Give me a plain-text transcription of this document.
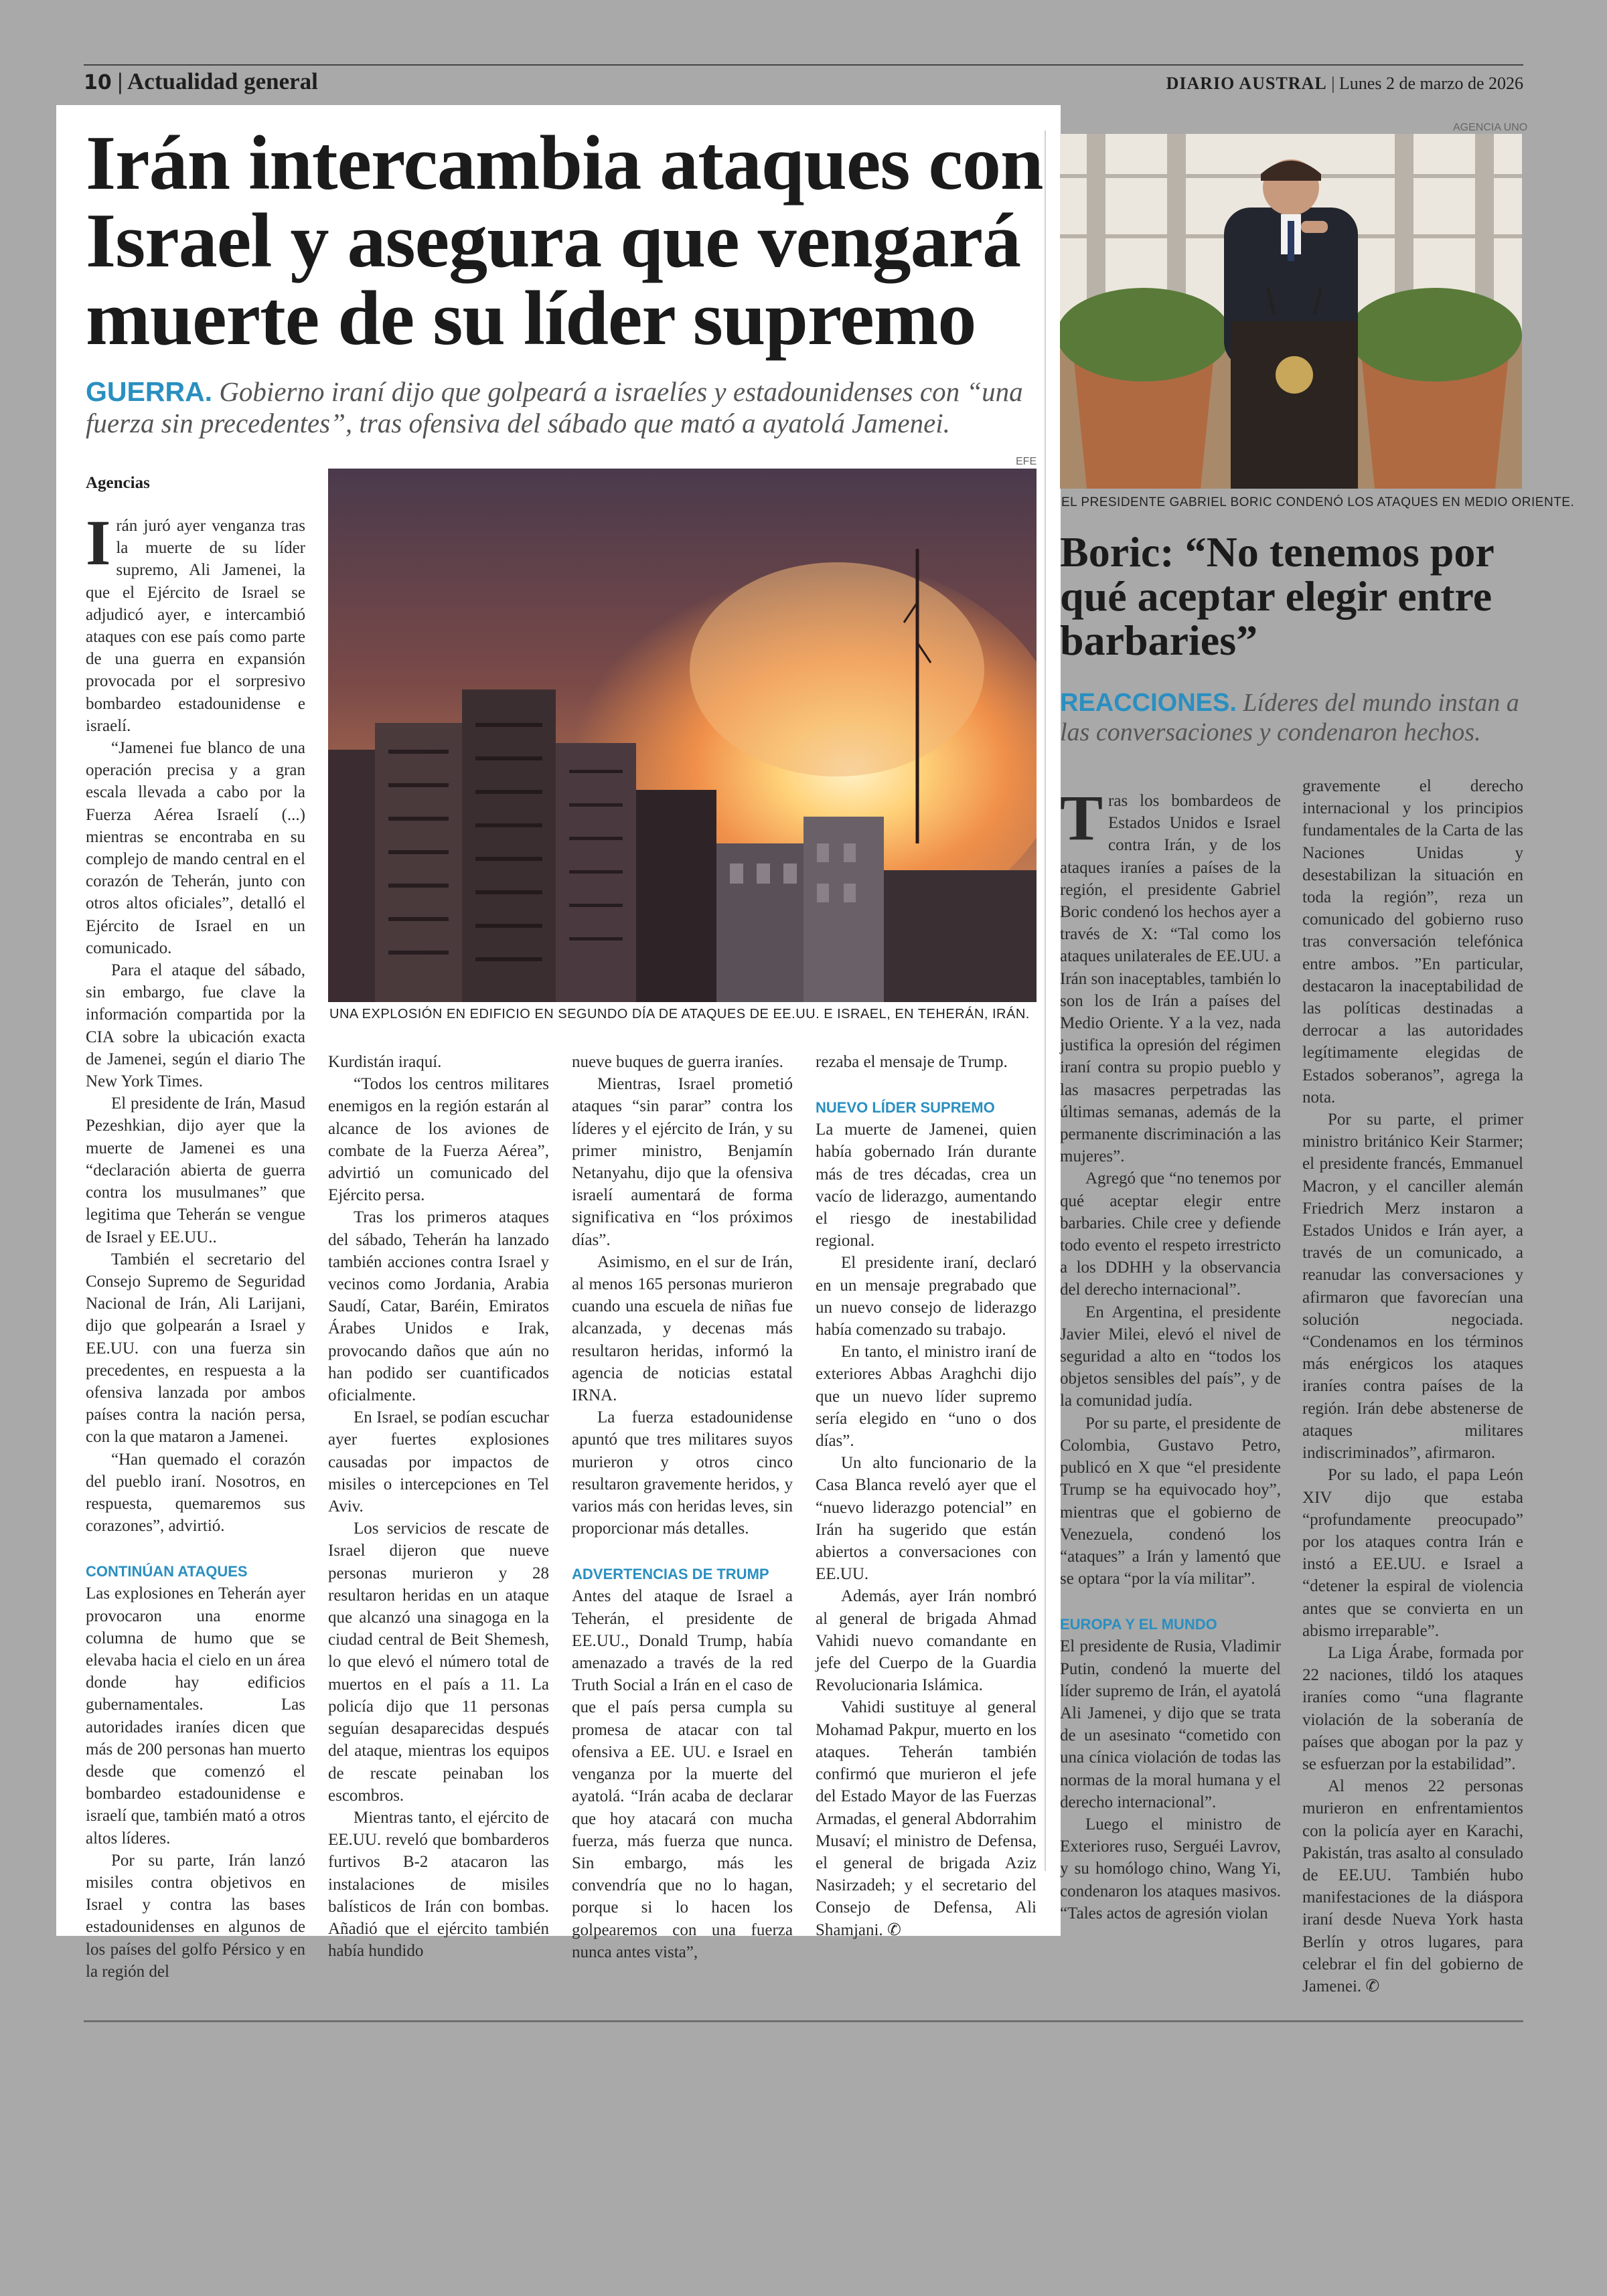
10 | Actualidad general	DIARIO AUSTRAL | Lunes 2 de marzo de 2026
Irán intercambia ataques con Israel y asegura que vengará muerte de su líder supremo
GUERRA. Gobierno iraní dijo que golpeará a israelíes y estadounidenses con “una fuerza sin precedentes”, tras ofensiva del sábado que mató a ayatolá Jamenei.
Agencias
EFE
UNA EXPLOSIÓN EN EDIFICIO EN SEGUNDO DÍA DE ATAQUES DE EE.UU. E ISRAEL, EN TEHERÁN, IRÁN.

Irán juró ayer venganza tras la muerte de su líder supremo, Ali Jamenei, la que el Ejército de Israel se adjudicó ayer, e intercambió ataques con ese país como parte de una guerra en expansión provocada por el sorpresivo bombardeo estadounidense e israelí.

“Jamenei fue blanco de una operación precisa y a gran escala llevada a cabo por la Fuerza Aérea Israelí (...) mientras se encontraba en su complejo de mando central en el corazón de Teherán, junto con otros altos oficiales”, detalló el Ejército de Israel en un comunicado.

Para el ataque del sábado, sin embargo, fue clave la información compartida por la CIA sobre la ubicación exacta de Jamenei, según el diario The New York Times.

El presidente de Irán, Masud Pezeshkian, dijo ayer que la muerte de Jamenei es una “declaración abierta de guerra contra los musulmanes” que legitima que Teherán se vengue de Israel y EE.UU..

También el secretario del Consejo Supremo de Seguridad Nacional de Irán, Ali Larijani, dijo que golpearán a Israel y EE.UU. con una fuerza sin precedentes, en respuesta a la ofensiva lanzada por ambos países contra la nación persa, con la que mataron a Jamenei.

“Han quemado el corazón del pueblo iraní. Nosotros, en respuesta, quemaremos sus corazones”, advirtió.

CONTINÚAN ATAQUES

Las explosiones en Teherán ayer provocaron una enorme columna de humo que se elevaba hacia el cielo en un área donde hay edificios gubernamentales. Las autoridades iraníes dicen que más de 200 personas han muerto desde que comenzó el bombardeo estadounidense e israelí que, también mató a otros altos líderes.

Por su parte, Irán lanzó misiles contra objetivos en Israel y contra las bases estadounidenses en algunos de los países del golfo Pérsico y en la región del

Kurdistán iraquí.

“Todos los centros militares enemigos en la región estarán al alcance de los aviones de combate de la Fuerza Aérea”, advirtió un comunicado del Ejército persa.

Tras los primeros ataques del sábado, Teherán ha lanzado también acciones contra Israel y vecinos como Jordania, Arabia Saudí, Catar, Baréin, Emiratos Árabes Unidos e Irak, provocando daños que aún no han podido ser cuantificados oficialmente.

En Israel, se podían escuchar ayer fuertes explosiones causadas por impactos de misiles o intercepciones en Tel Aviv.

Los servicios de rescate de Israel dijeron que nueve personas murieron y 28 resultaron heridas en un ataque que alcanzó una sinagoga en la ciudad central de Beit Shemesh, lo que elevó el número total de muertos en el país a 11. La policía dijo que 11 personas seguían desaparecidas después del ataque, mientras los equipos de rescate peinaban los escombros.

Mientras tanto, el ejército de EE.UU. reveló que bombarderos furtivos B-2 atacaron las instalaciones de misiles balísticos de Irán con bombas. Añadió que el ejército también había hundido

nueve buques de guerra iraníes.

Mientras, Israel prometió ataques “sin parar” contra los líderes y el ejército de Irán, y su primer ministro, Benjamín Netanyahu, dijo que la ofensiva israelí aumentará de forma significativa en “los próximos días”.

Asimismo, en el sur de Irán, al menos 165 personas murieron cuando una escuela de niñas fue alcanzada, y decenas más resultaron heridas, informó la agencia de noticias estatal IRNA.

La fuerza estadounidense apuntó que tres militares suyos murieron y otros cinco resultaron gravemente heridos, y varios más con heridas leves, sin proporcionar más detalles.

ADVERTENCIAS DE TRUMP

Antes del ataque de Israel a Teherán, el presidente de EE.UU., Donald Trump, había amenazado a través de la red Truth Social a Irán en el caso de que el país persa cumpla su promesa de atacar con tal ofensiva a EE. UU. e Israel en venganza por la muerte del ayatolá. “Irán acaba de declarar que hoy atacará con mucha fuerza, más fuerza que nunca. Sin embargo, más les convendría que no lo hagan, porque si lo hacen los golpearemos con una fuerza nunca antes vista”,

rezaba el mensaje de Trump.

NUEVO LÍDER SUPREMO

La muerte de Jamenei, quien había gobernado Irán durante más de tres décadas, crea un vacío de liderazgo, aumentando el riesgo de inestabilidad regional.

El presidente iraní, declaró en un mensaje pregrabado que un nuevo consejo de liderazgo había comenzado su trabajo.

En tanto, el ministro iraní de exteriores Abbas Araghchi dijo que un nuevo líder supremo sería elegido en “uno o dos días”.

Un alto funcionario de la Casa Blanca reveló ayer que el “nuevo liderazgo potencial” en Irán ha sugerido que están abiertos a conversaciones con EE.UU.

Además, ayer Irán nombró al general de brigada Ahmad Vahidi nuevo comandante en jefe del Cuerpo de la Guardia Revolucionaria Islámica.

Vahidi sustituye al general Mohamad Pakpur, muerto en los ataques. Teherán también confirmó que murieron el jefe del Estado Mayor de las Fuerzas Armadas, el general Abdorrahim Musaví; el ministro de Defensa, el general de brigada Aziz Nasirzadeh; y el secretario del Consejo de Defensa, Ali Shamjani. ✆

AGENCIA UNO
EL PRESIDENTE GABRIEL BORIC CONDENÓ LOS ATAQUES EN MEDIO ORIENTE.
Boric: “No tenemos por qué aceptar elegir entre barbaries”
REACCIONES. Líderes del mundo instan a las conversaciones y condenaron hechos.

Tras los bombardeos de Estados Unidos e Israel contra Irán, y de los ataques iraníes a países de la región, el presidente Gabriel Boric condenó los hechos ayer a través de X: “Tal como los ataques unilaterales de EE.UU. a Irán son inaceptables, también lo son los de Irán a países del Medio Oriente. Y a la vez, nada justifica la opresión del régimen iraní contra su propio pueblo y las masacres perpetradas las últimas semanas, además de la permanente discriminación a las mujeres”.

Agregó que “no tenemos por qué aceptar elegir entre barbaries. Chile cree y defiende todo evento el respeto irrestricto a los DDHH y la observancia del derecho internacional”.

En Argentina, el presidente Javier Milei, elevó el nivel de seguridad a alto en “todos los objetos sensibles del país”, y de la comunidad judía.

Por su parte, el presidente de Colombia, Gustavo Petro, publicó en X que “el presidente Trump se ha equivocado hoy”, mientras que el gobierno de Venezuela, condenó los “ataques” a Irán y lamentó que se optara “por la vía militar”.

EUROPA Y EL MUNDO

El presidente de Rusia, Vladimir Putin, condenó la muerte del líder supremo de Irán, el ayatolá Ali Jamenei, y dijo que se trata de un asesinato “cometido con una cínica violación de todas las normas de la moral humana y el derecho internacional”.

Luego el ministro de Exteriores ruso, Serguéi Lavrov, y su homólogo chino, Wang Yi, condenaron los ataques masivos. “Tales actos de agresión violan

gravemente el derecho internacional y los principios fundamentales de la Carta de las Naciones Unidas y desestabilizan la situación en toda la región”, reza un comunicado del gobierno ruso tras conversación telefónica entre ambos. ”En particular, destacaron la inaceptabilidad de las políticas destinadas a derrocar a las autoridades legítimamente elegidas de Estados soberanos”, agrega la nota.

Por su parte, el primer ministro británico Keir Starmer; el presidente francés, Emmanuel Macron, y el canciller alemán Friedrich Merz instaron a Estados Unidos e Irán ayer, a través de un comunicado, a reanudar las conversaciones y afirmaron que favorecían una solución negociada. “Condenamos en los términos más enérgicos los ataques iraníes contra países de la región. Irán debe abstenerse de ataques militares indiscriminados”, afirmaron.

Por su lado, el papa León XIV dijo que estaba “profundamente preocupado” por los ataques contra Irán e instó a EE.UU. e Israel a “detener la espiral de violencia antes que se convierta en un abismo irreparable”.

La Liga Árabe, formada por 22 naciones, tildó los ataques iraníes como “una flagrante violación de la soberanía de países que abogan por la paz y se esfuerzan por la estabilidad”.

Al menos 22 personas murieron en enfrentamientos con la policía ayer en Karachi, Pakistán, tras asalto al consulado de EE.UU. También hubo manifestaciones de la diáspora iraní desde Nueva York hasta Berlín y otros lugares, para celebrar el fin del gobierno de Jamenei. ✆
